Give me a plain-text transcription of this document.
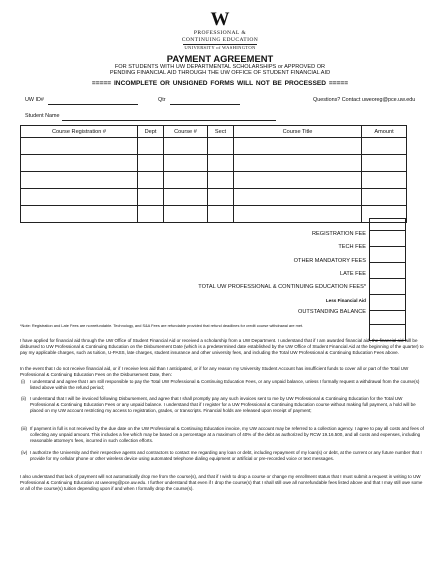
W
PROFESSIONAL &
CONTINUING EDUCATION
UNIVERSITY of WASHINGTON
PAYMENT AGREEMENT
FOR STUDENTS WITH UW DEPARTMENTAL SCHOLARSHIPS or APPROVED OR
PENDING FINANCIAL AID THROUGH THE UW OFFICE OF STUDENT FINANCIAL AID
===== INCOMPLETE OR UNSIGNED FORMS WILL NOT BE PROCESSED =====
UW ID#	Qtr	Questions? Contact uweoreg@pce.uw.edu
Student Name
Course Registration #	Dept	Course #	Sect	Course Title	Amount

REGISTRATION FEE
TECH FEE
OTHER MANDATORY FEES
LATE FEE
TOTAL UW PROFESSIONAL & CONTINUING EDUCATION FEES*
Less Financial Aid
OUTSTANDING BALANCE
*Note: Registration and Late Fees are nonrefundable. Technology, and S&A Fees are refundable provided that refund deadlines for credit course withdrawal are met.
I have applied for financial aid through the UW Office of Student Financial Aid or received a scholarship from a UW Department. I understand that if I am awarded financial aid, the financial aid will be disbursed to UW Professional & Continuing Education on the Disbursement Date (which is a predetermined date established by the UW Office of Student Financial Aid at the beginning of the quarter) to pay my applicable charges, such as tuition, U-PASS, late charges, student insurance and other university fees, and including the Total UW Professional & Continuing Education Fees above.
In the event that I do not receive financial aid, or if I receive less aid than I anticipated, or if for any reason my University Student Account has insufficient funds to cover all or part of the Total UW Professional & Continuing Education Fees on the Disbursement Date, then:
(i) I understand and agree that I am still responsible to pay the Total UW Professional & Continuing Education Fees, or any unpaid balance, unless I formally request a withdrawal from the course(s) listed above within the refund period;
(ii) I understand that I will be invoiced following Disbursement, and agree that I shall promptly pay any such invoices sent to me by UW Professional & Continuing Education for the Total UW Professional & Continuing Education Fees or any unpaid balance. I understand that if I register for a UW Professional & Continuing Education course without making full payment, a hold will be placed on my UW account restricting my access to registration, grades, or transcripts. Financial holds are released upon receipt of payment;
(iii) If payment in full is not received by the due date on the UW Professional & Continuing Education invoice, my UW account may be referred to a collection agency. I agree to pay all costs and fees of collecting any unpaid amount. This includes a fee which may be based on a percentage at a maximum of 40% of the debt as authorized by RCW 19.16.500, and all costs and expenses, including reasonable attorney's fees, incurred in such collection efforts.
(iv) I authorize the University and their respective agents and contractors to contact me regarding any loan or debt, including repayment of my loan(s) or debt, at the current or any future number that I provide for my cellular phone or other wireless device using automated telephone dialing equipment or artificial or pre-recorded voice or text messages.
I also understand that lack of payment will not automatically drop me from the course(s), and that if I wish to drop a course or change my enrollment status that I must submit a request in writing to UW Professional & Continuing Education at uweoreg@pce.uw.edu. I further understand that even if I drop the course(s) that I shall still owe all nonrefundable fees listed above and that I may still owe some or all of the course(s) tuition depending upon if and when I formally drop the course(s).
